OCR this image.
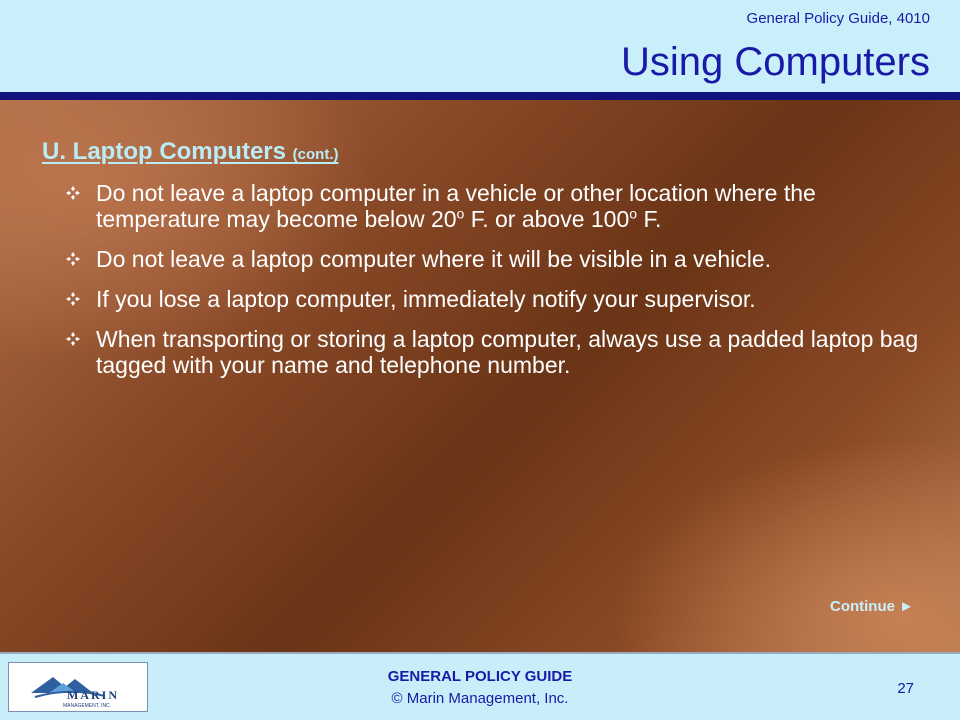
General Policy Guide, 4010
Using Computers
U. Laptop Computers (cont.)
Do not leave a laptop computer in a vehicle or other location where the temperature may become below 20$^o$ F. or above 100$^o$ F.
Do not leave a laptop computer where it will be visible in a vehicle.
If you lose a laptop computer, immediately notify your supervisor.
When transporting or storing a laptop computer, always use a padded laptop bag tagged with your name and telephone number.
Continue ►
MARIN
MANAGEMENT, INC.
GENERAL POLICY GUIDE
© Marin Management, Inc.
27
